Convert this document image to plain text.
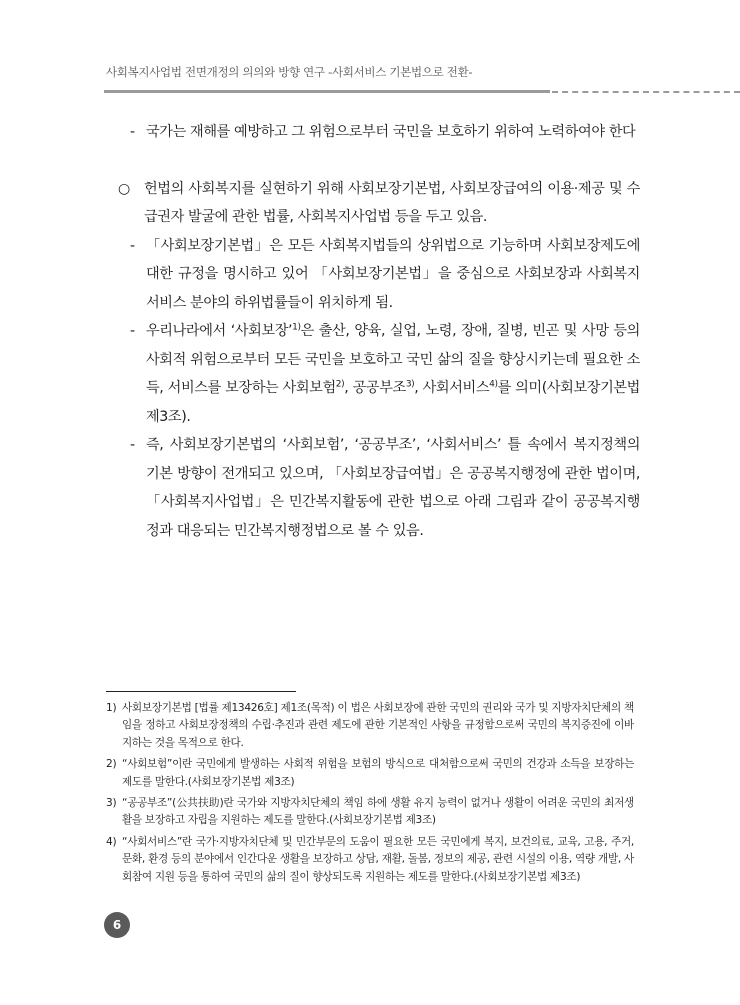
사회복지사업법 전면개정의 의의와 방향 연구 -사회서비스 기본법으로 전환-
- 국가는 재해를 예방하고 그 위험으로부터 국민을 보호하기 위하여 노력하여야 한다
○ 헌법의 사회복지를 실현하기 위해 사회보장기본법, 사회보장급여의 이용·제공 및 수급권자 발굴에 관한 법률, 사회복지사업법 등을 두고 있음.
- 「사회보장기본법」은 모든 사회복지법들의 상위법으로 기능하며 사회보장제도에 대한 규정을 명시하고 있어 「사회보장기본법」을 중심으로 사회보장과 사회복지서비스 분야의 하위법률들이 위치하게 됨.
- 우리나라에서 ‘사회보장’$^{1)}$은 출산, 양육, 실업, 노령, 장애, 질병, 빈곤 및 사망 등의 사회적 위험으로부터 모든 국민을 보호하고 국민 삶의 질을 향상시키는데 필요한 소득, 서비스를 보장하는 사회보험$^{2)}$, 공공부조$^{3)}$, 사회서비스$^{4)}$를 의미(사회보장기본법 제3조).
- 즉, 사회보장기본법의 ‘사회보험’, ‘공공부조’, ‘사회서비스’ 틀 속에서 복지정책의 기본 방향이 전개되고 있으며, 「사회보장급여법」은 공공복지행정에 관한 법이며, 「사회복지사업법」은 민간복지활동에 관한 법으로 아래 그림과 같이 공공복지행정과 대응되는 민간복지행정법으로 볼 수 있음.
1) 사회보장기본법 [법률 제13426호] 제1조(목적) 이 법은 사회보장에 관한 국민의 권리와 국가 및 지방자치단체의 책임을 정하고 사회보장정책의 수립·추진과 관련 제도에 관한 기본적인 사항을 규정함으로써 국민의 복지증진에 이바지하는 것을 목적으로 한다.
2) “사회보험”이란 국민에게 발생하는 사회적 위험을 보험의 방식으로 대처함으로써 국민의 건강과 소득을 보장하는 제도를 말한다.(사회보장기본법 제3조)
3) “공공부조”(公共扶助)란 국가와 지방자치단체의 책임 하에 생활 유지 능력이 없거나 생활이 어려운 국민의 최저생활을 보장하고 자립을 지원하는 제도를 말한다.(사회보장기본법 제3조)
4) “사회서비스”란 국가·지방자치단체 및 민간부문의 도움이 필요한 모든 국민에게 복지, 보건의료, 교육, 고용, 주거, 문화, 환경 등의 분야에서 인간다운 생활을 보장하고 상담, 재활, 돌봄, 정보의 제공, 관련 시설의 이용, 역량 개발, 사회참여 지원 등을 통하여 국민의 삶의 질이 향상되도록 지원하는 제도를 말한다.(사회보장기본법 제3조)
6
